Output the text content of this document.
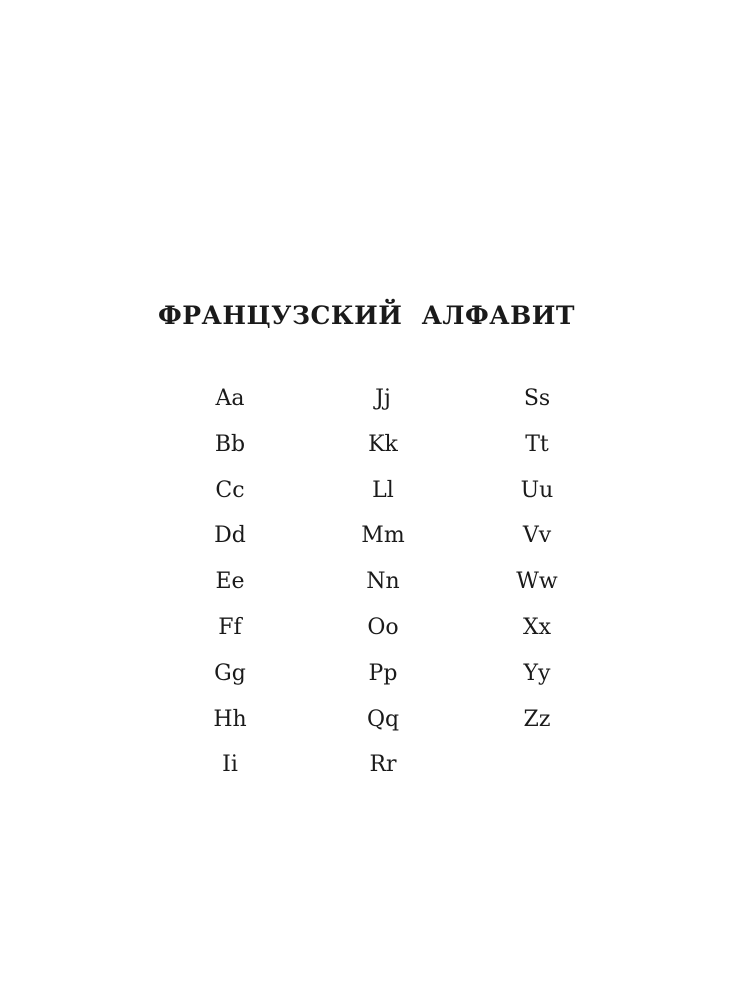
ФРАНЦУЗСКИЙ АЛФАВИТ
Aa
Bb
Cc
Dd
Ee
Ff
Gg
Hh
Ii
Jj
Kk
Ll
Mm
Nn
Oo
Pp
Qq
Rr
Ss
Tt
Uu
Vv
Ww
Xx
Yy
Zz
